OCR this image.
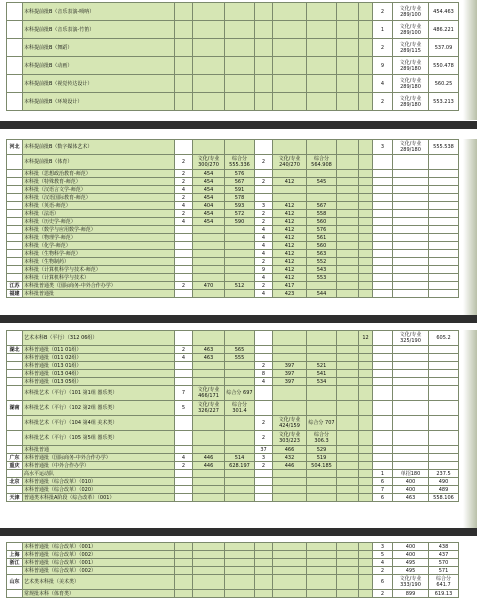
	本科提前批B（音乐表演-唢呐）									2	文化/专业 289/100	454.463
	本科提前批B（音乐表演-竹笛）									1	文化/专业 289/100	486.221
	本科提前批B（舞蹈）									2	文化/专业 289/115	537.09
	本科提前批B（动画）									9	文化/专业 289/180	550.478
	本科提前批B（视觉传达设计）									4	文化/专业 289/180	560.25
	本科提前批B（环境设计）									2	文化/专业 289/180	553.213
河北	本科提前批B（数字媒体艺术）									3	文化/专业 289/180	555.538
	本科提前批B（体育）	2	文化/专业 300/270	综合分 555.336	2	文化/专业 240/270	综合分 564.908					
	本科批（思想政治教育-师范）	2	454	576								
	本科批（特殊教育-师范）	2	454	567	2	412	545					
	本科批（汉语言文学-师范）	4	454	591								
	本科批（汉语国际教育-师范）	2	454	578								
	本科批（英语-师范）	4	404	593	3	412	567					
	本科批（法语）	2	454	572	2	412	558					
	本科批（历史学-师范）	4	454	590	2	412	560					
	本科批（数学与应用数学-师范）				4	412	576					
	本科批（物理学-师范）				4	412	561					
	本科批（化学-师范）				4	412	560					
	本科批（生物科学-师范）				4	412	563					
	本科批（生物制药）				2	412	552					
	本科批（计算机科学与技术-师范）				9	412	543					
	本科批（计算机科学与技术）				4	412	553					
江苏	本科批普通类（国际商务-中外合作办学）	2	470	512	2	417						
福建	本科批普通批				4	423	544					
	艺术本科B（平行）（312 06组）								12		文化/专业 325/190	605.2
湖北	本科普通批（011 01组）	2	463	565								
	本科普通批（011 02组）	4	463	555								
	本科普通批（013 01组）				2	397	521					
	本科普通批（013 04组）				8	397	541					
	本科普通批（013 05组）				4	397	534					
	本科批艺术（平行）（101 第1组 器乐类）	7	文化/专业 466/171	综合分 697								
湖南	本科批艺术（平行）（102 第2组 器乐类）	5	文化/专业 326/227	综合分 301.4								
	本科批艺术（平行）（104 第4组 美术类）				2	文化/专业 424/159	综合分 707					
	本科批艺术（平行）（105 第5组 器乐类）				2	文化/专业 303/223	综合分 306.3					
	本科批普通				37	466	529					
广东	本科普通批（国际商务-中外合作办学）	4	446	514	3	432	519					
重庆	本科普通批（中外合作办学）	2	446	628.197	2	446	504.185					
	高水平运动队									1	单招180	237.5
北京	本科普通批（综合改革）（010）									6	400	490
	本科普通批（综合改革）（020）									7	400	489
天津	普通类本科批A阶段（综合改革）（001）									6	463	558.106
	本科普通批（综合改革）（001）									3	400	438
上海	本科普通批（综合改革）（002）									5	400	437
浙江	本科普通批（综合改革）（001）									4	495	570
	本科普通批（综合改革）（002）									2	495	571
山东	艺术类本科批（美术类）									6	文化/专业 333/190	综合分 641.7
	常规批本科（体育类）									2	899	619.13
